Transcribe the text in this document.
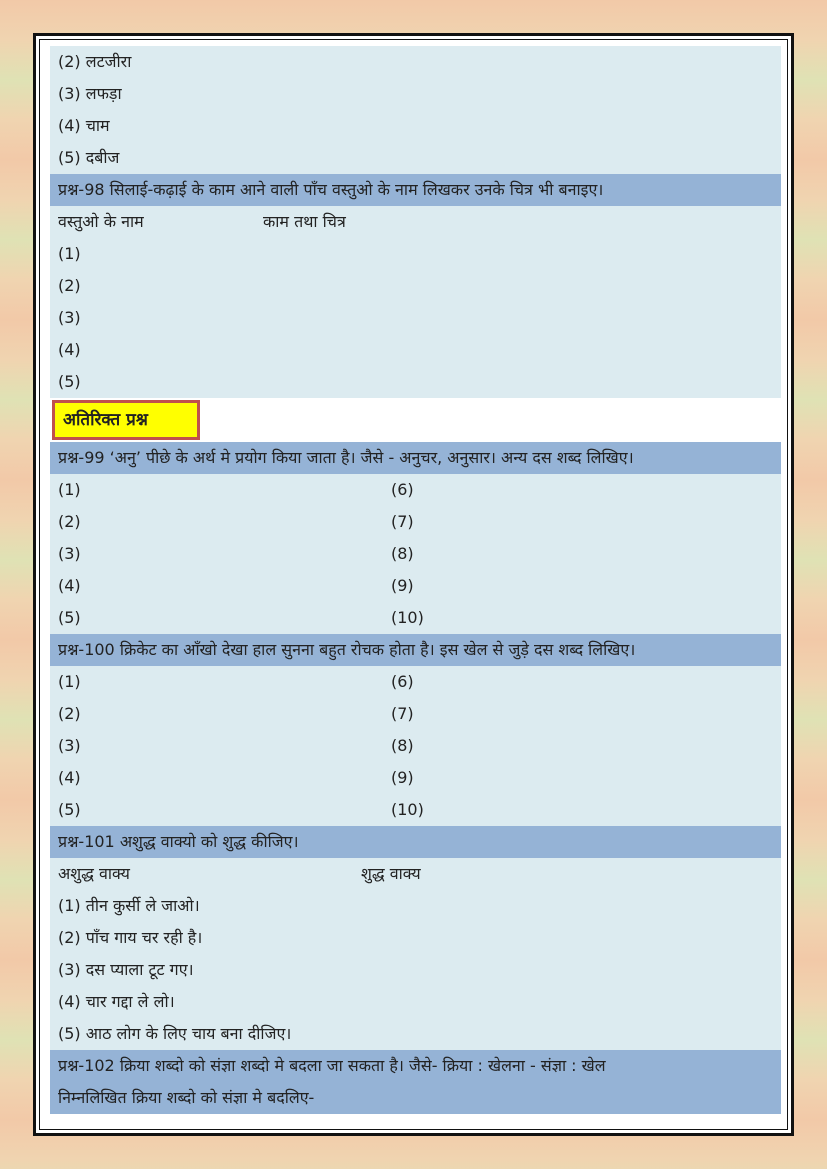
(2) लटजीरा
(3) लफड़ा
(4) चाम
(5) दबीज
प्रश्न-98 सिलाई-कढ़ाई के काम आने वाली पाँच वस्तुओ के नाम लिखकर उनके चित्र भी बनाइए।
वस्तुओ के नाम	काम तथा चित्र
(1)
(2)
(3)
(4)
(5)
अतिरिक्त प्रश्न
प्रश्न-99 ‘अनु’ पीछे के अर्थ मे प्रयोग किया जाता है। जैसे - अनुचर, अनुसार। अन्य दस शब्द लिखिए।
(1)	(6)
(2)	(7)
(3)	(8)
(4)	(9)
(5)	(10)
प्रश्न-100 क्रिकेट का आँखो देखा हाल सुनना बहुत रोचक होता है। इस खेल से जुड़े दस शब्द लिखिए।
(1)	(6)
(2)	(7)
(3)	(8)
(4)	(9)
(5)	(10)
प्रश्न-101 अशुद्ध वाक्यो को शुद्ध कीजिए।
अशुद्ध वाक्य	शुद्ध वाक्य
(1) तीन कुर्सी ले जाओ।
(2) पाँच गाय चर रही है।
(3) दस प्याला टूट गए।
(4) चार गद्दा ले लो।
(5) आठ लोग के लिए चाय बना दीजिए।
प्रश्न-102 क्रिया शब्दो को संज्ञा शब्दो मे बदला जा सकता है। जैसे- क्रिया : खेलना - संज्ञा : खेल
निम्नलिखित क्रिया शब्दो को संज्ञा मे बदलिए-
